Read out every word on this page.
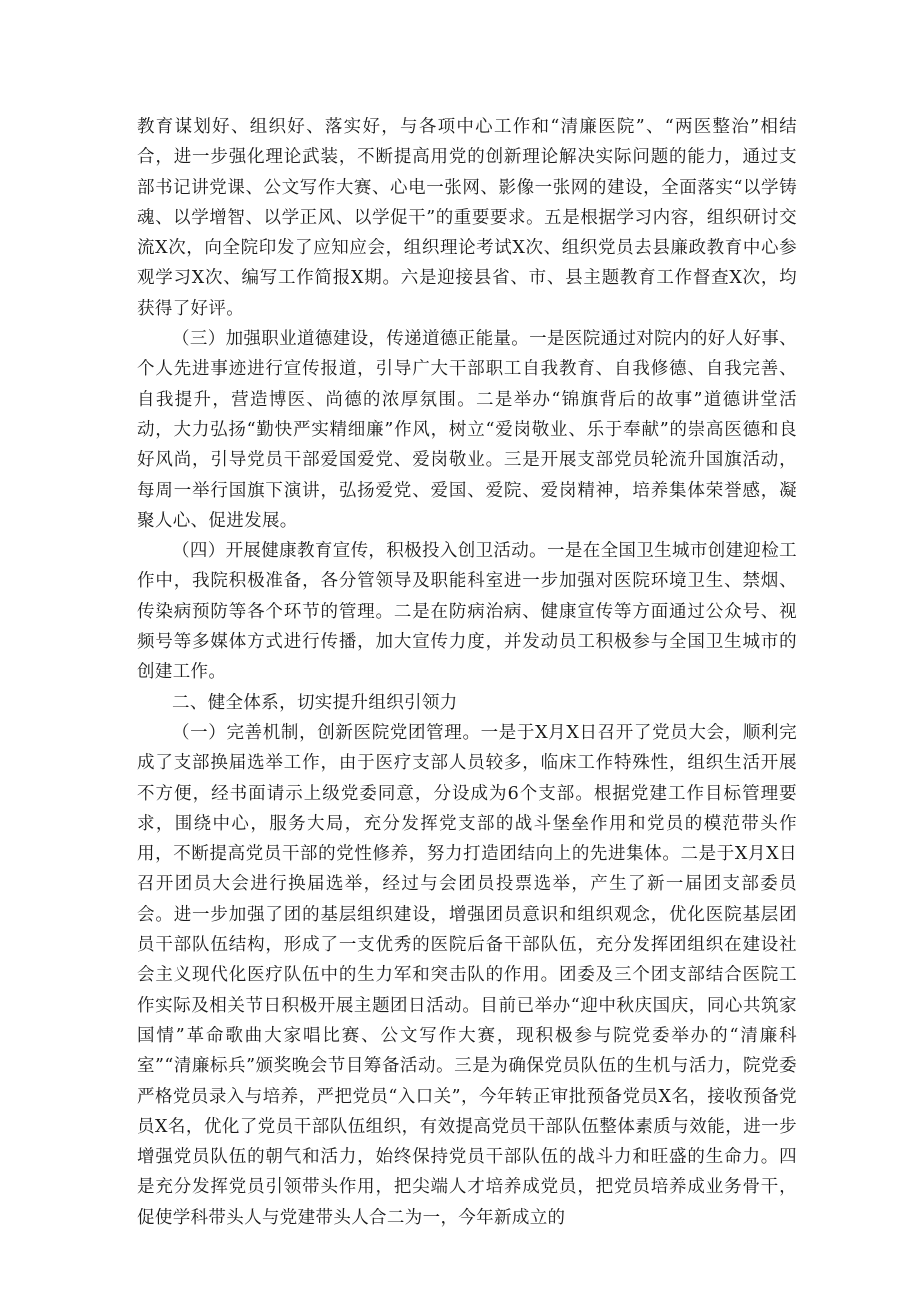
教育谋划好、组织好、落实好，与各项中心工作和“清廉医院”、“两医整治”相结合，进一步强化理论武装，不断提高用党的创新理论解决实际问题的能力，通过支部书记讲党课、公文写作大赛、心电一张网、影像一张网的建设，全面落实“以学铸魂、以学增智、以学正风、以学促干”的重要要求。五是根据学习内容，组织研讨交流X次，向全院印发了应知应会，组织理论考试X次、组织党员去县廉政教育中心参观学习X次、编写工作简报X期。六是迎接县省、市、县主题教育工作督查X次，均获得了好评。

（三）加强职业道德建设，传递道德正能量。一是医院通过对院内的好人好事、个人先进事迹进行宣传报道，引导广大干部职工自我教育、自我修德、自我完善、自我提升，营造博医、尚德的浓厚氛围。二是举办“锦旗背后的故事”道德讲堂活动，大力弘扬“勤快严实精细廉”作风，树立“爱岗敬业、乐于奉献”的崇高医德和良好风尚，引导党员干部爱国爱党、爱岗敬业。三是开展支部党员轮流升国旗活动，每周一举行国旗下演讲，弘扬爱党、爱国、爱院、爱岗精神，培养集体荣誉感，凝聚人心、促进发展。

（四）开展健康教育宣传，积极投入创卫活动。一是在全国卫生城市创建迎检工作中，我院积极准备，各分管领导及职能科室进一步加强对医院环境卫生、禁烟、传染病预防等各个环节的管理。二是在防病治病、健康宣传等方面通过公众号、视频号等多媒体方式进行传播，加大宣传力度，并发动员工积极参与全国卫生城市的创建工作。

二、健全体系，切实提升组织引领力

（一）完善机制，创新医院党团管理。一是于X月X日召开了党员大会，顺利完成了支部换届选举工作，由于医疗支部人员较多，临床工作特殊性，组织生活开展不方便，经书面请示上级党委同意，分设成为6个支部。根据党建工作目标管理要求，围绕中心，服务大局，充分发挥党支部的战斗堡垒作用和党员的模范带头作用，不断提高党员干部的党性修养，努力打造团结向上的先进集体。二是于X月X日召开团员大会进行换届选举，经过与会团员投票选举，产生了新一届团支部委员会。进一步加强了团的基层组织建设，增强团员意识和组织观念，优化医院基层团员干部队伍结构，形成了一支优秀的医院后备干部队伍，充分发挥团组织在建设社会主义现代化医疗队伍中的生力军和突击队的作用。团委及三个团支部结合医院工作实际及相关节日积极开展主题团日活动。目前已举办“迎中秋庆国庆，同心共筑家国情”革命歌曲大家唱比赛、公文写作大赛，现积极参与院党委举办的“清廉科室”“清廉标兵”颁奖晚会节目筹备活动。三是为确保党员队伍的生机与活力，院党委严格党员录入与培养，严把党员“入口关”，今年转正审批预备党员X名，接收预备党员X名，优化了党员干部队伍组织，有效提高党员干部队伍整体素质与效能，进一步增强党员队伍的朝气和活力，始终保持党员干部队伍的战斗力和旺盛的生命力。四是充分发挥党员引领带头作用，把尖端人才培养成党员，把党员培养成业务骨干，促使学科带头人与党建带头人合二为一，今年新成立的
